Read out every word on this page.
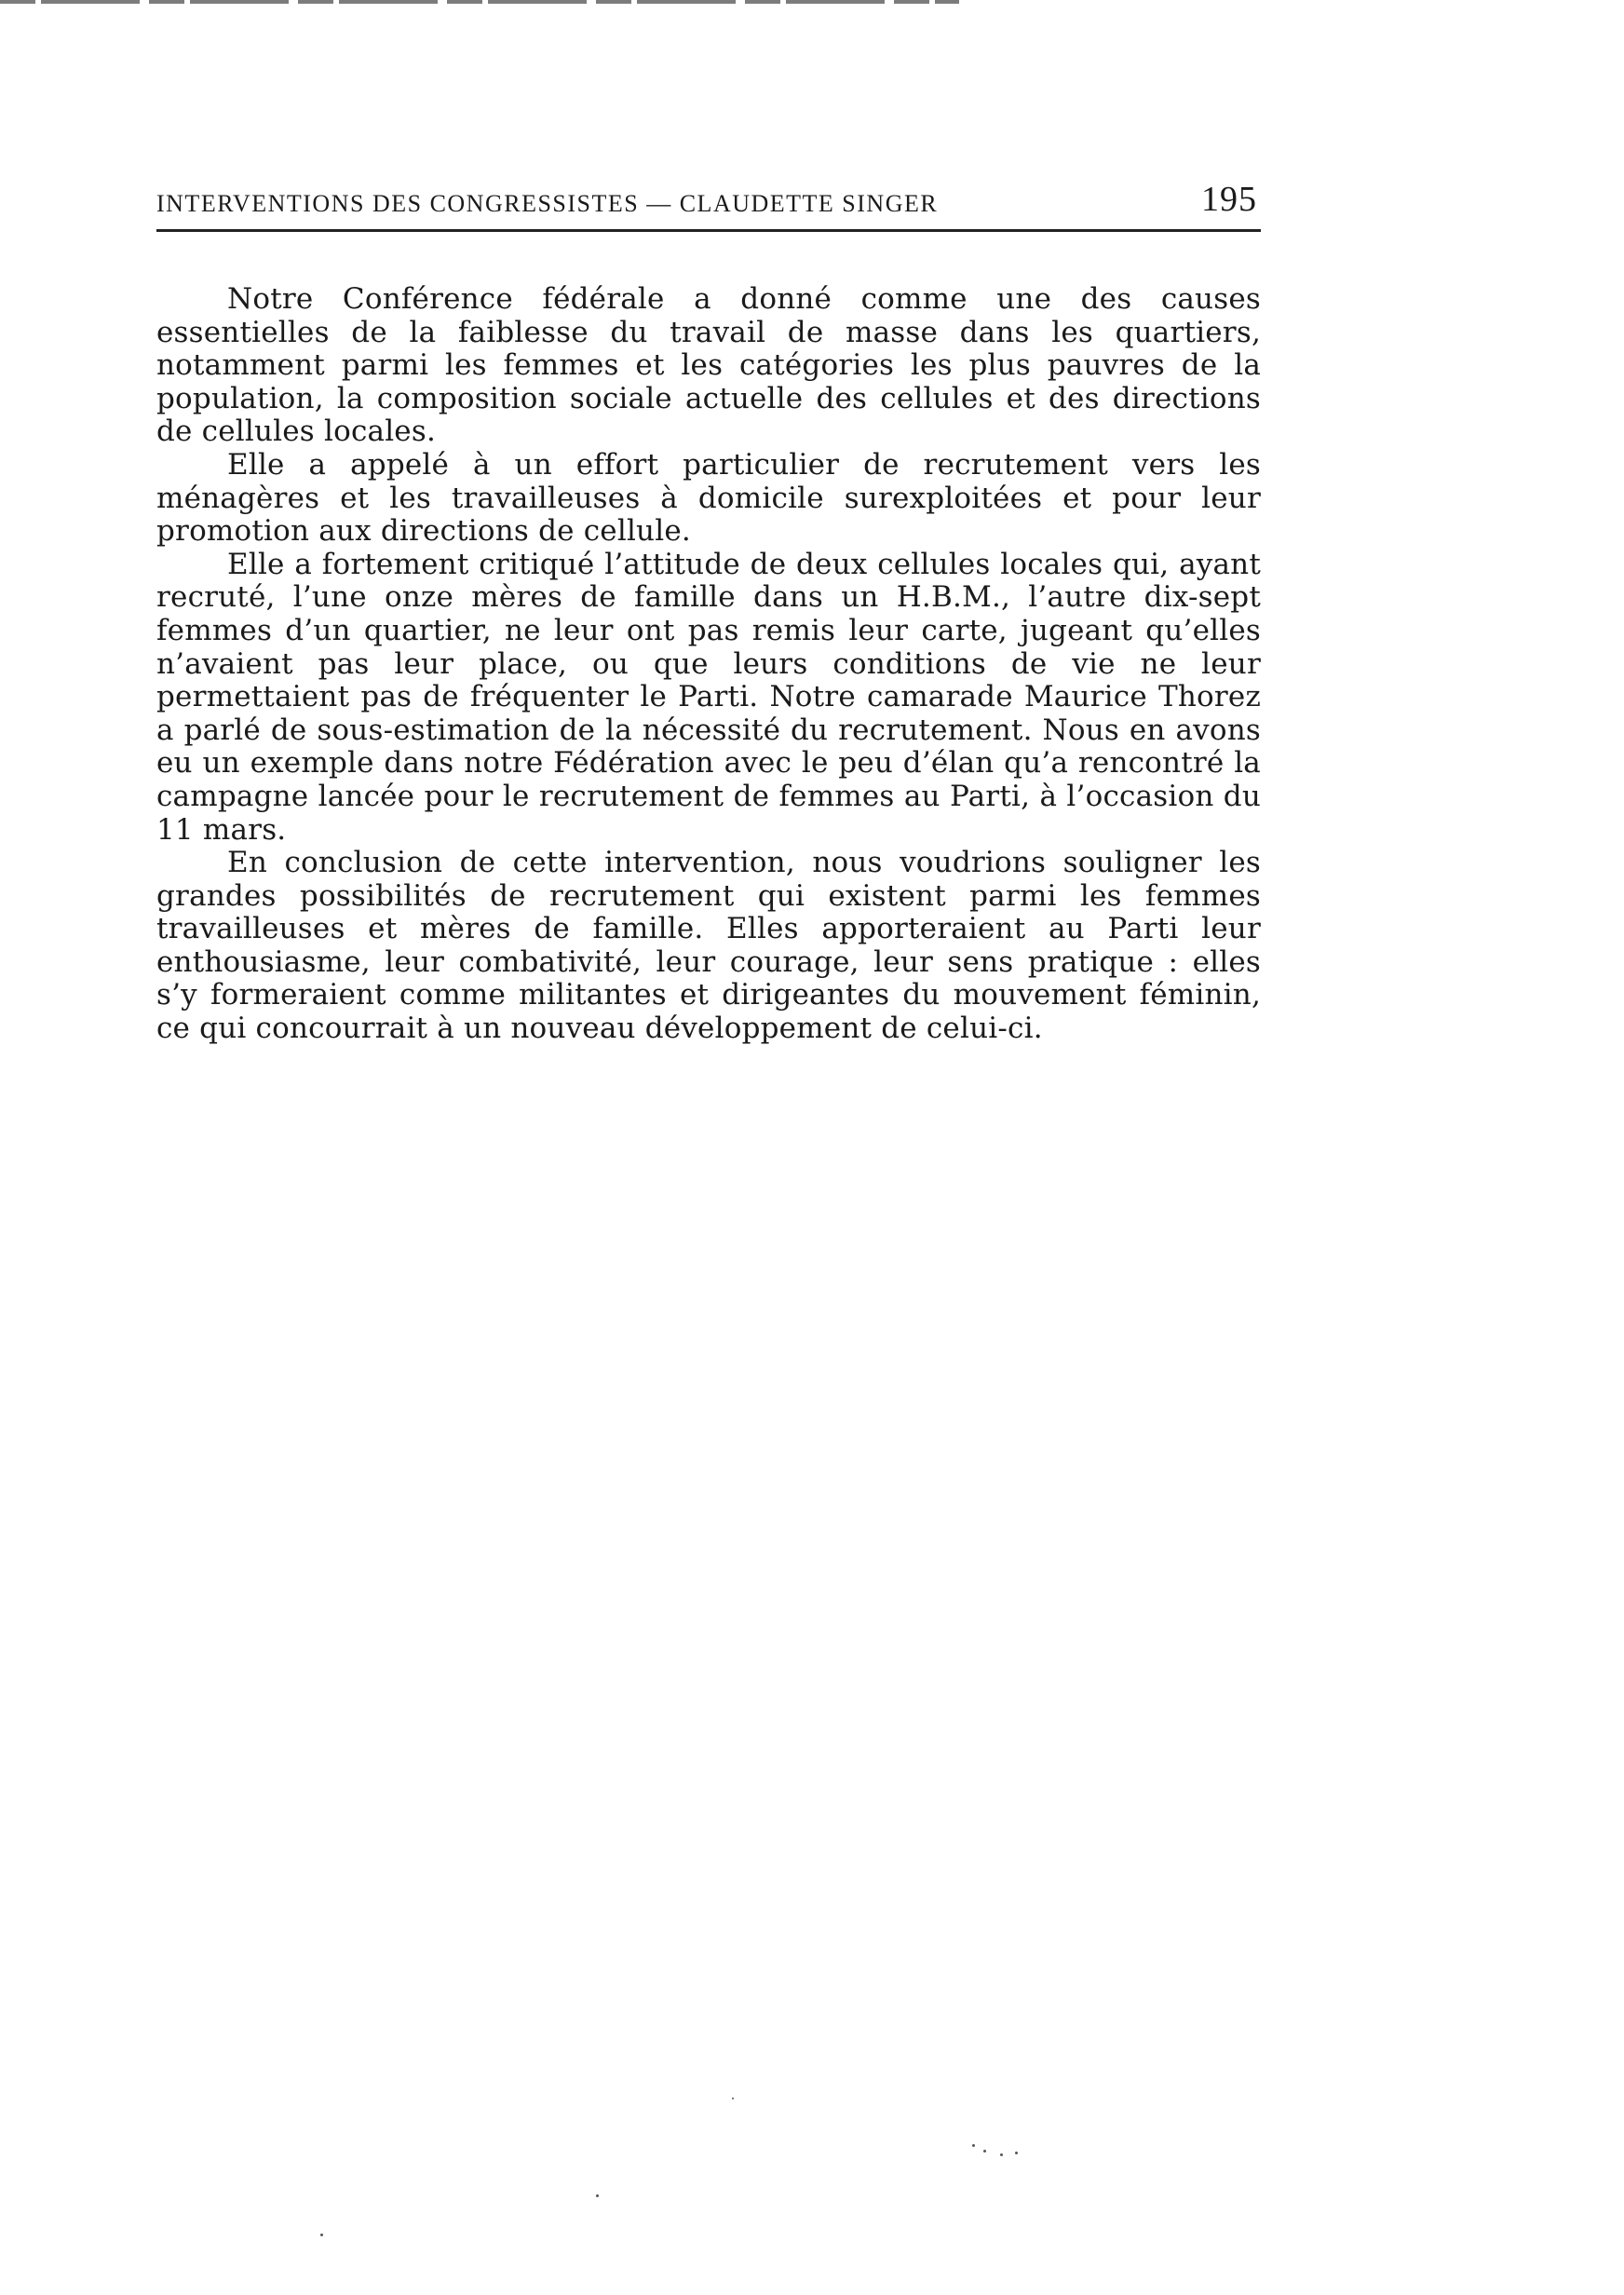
INTERVENTIONS DES CONGRESSISTES — CLAUDETTE SINGER	195

Notre Conférence fédérale a donné comme une des causes essentielles de la faiblesse du travail de masse dans les quartiers, notamment parmi les femmes et les catégories les plus pauvres de la population, la composition sociale actuelle des cellules et des directions de cellules locales.

Elle a appelé à un effort particulier de recrutement vers les ménagères et les travailleuses à domicile surexploitées et pour leur promotion aux directions de cellule.

Elle a fortement critiqué l’attitude de deux cellules locales qui, ayant recruté, l’une onze mères de famille dans un H.B.M., l’autre dix-sept femmes d’un quartier, ne leur ont pas remis leur carte, jugeant qu’elles n’avaient pas leur place, ou que leurs conditions de vie ne leur permettaient pas de fréquenter le Parti. Notre camarade Maurice Thorez a parlé de sous-estimation de la nécessité du recrutement. Nous en avons eu un exemple dans notre Fédération avec le peu d’élan qu’a rencontré la campagne lancée pour le recrutement de femmes au Parti, à l’occasion du 11 mars.

En conclusion de cette intervention, nous voudrions souligner les grandes possibilités de recrutement qui existent parmi les femmes travailleuses et mères de famille. Elles apporteraient au Parti leur enthousiasme, leur combativité, leur courage, leur sens pratique : elles s’y formeraient comme militantes et dirigeantes du mouvement féminin, ce qui concourrait à un nouveau développement de celui-ci.
